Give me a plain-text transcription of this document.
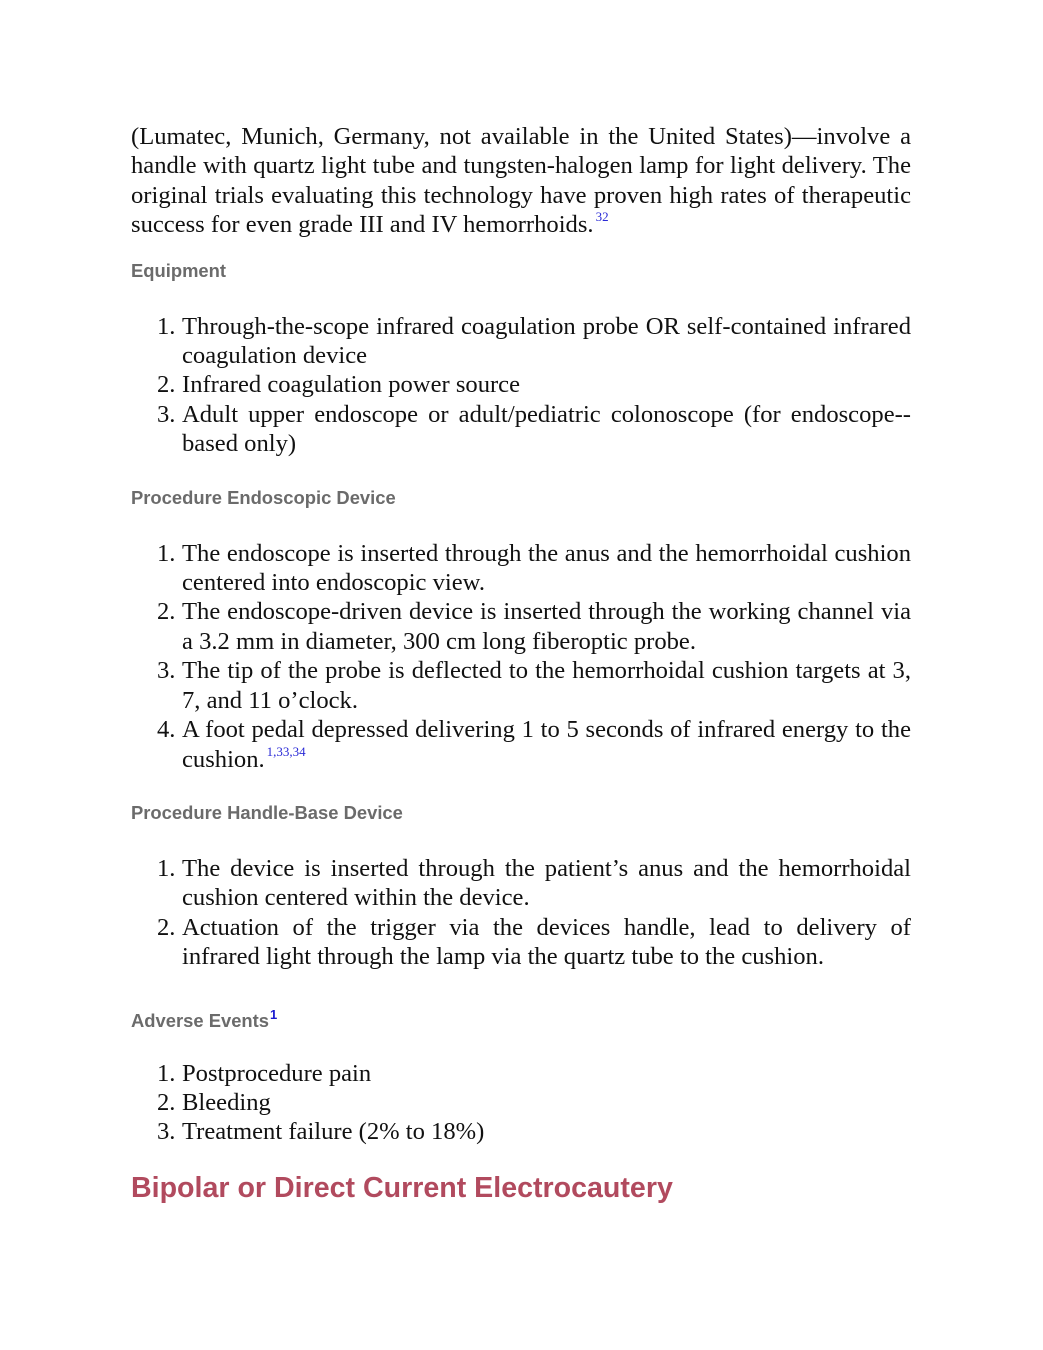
(Lumatec, Munich, Germany, not available in the United States)—involve a handle with quartz light tube and tungsten-halogen lamp for light delivery. The original trials evaluating this technology have proven high rates of therapeutic success for even grade III and IV hemorrhoids. $^{32}$

Equipment
1. Through-the-scope infrared coagulation probe OR self-contained infrared coagulation device
2. Infrared coagulation power source
3. Adult upper endoscope or adult/pediatric colonoscope (for endoscope--based only)
Procedure Endoscopic Device
1. The endoscope is inserted through the anus and the hemorrhoidal cushion centered into endoscopic view.
2. The endoscope-driven device is inserted through the working channel via a 3.2 mm in diameter, 300 cm long fiberoptic probe.
3. The tip of the probe is deflected to the hemorrhoidal cushion targets at 3, 7, and 11 o’clock.
4. A foot pedal depressed delivering 1 to 5 seconds of infrared energy to the cushion. $^{1,33,34}$
Procedure Handle-Base Device
1. The device is inserted through the patient’s anus and the hemorrhoidal cushion centered within the device.
2. Actuation of the trigger via the devices handle, lead to delivery of infrared light through the lamp via the quartz tube to the cushion.
Adverse Events$^1$
1. Postprocedure pain
2. Bleeding
3. Treatment failure (2% to 18%)
Bipolar or Direct Current Electrocautery
